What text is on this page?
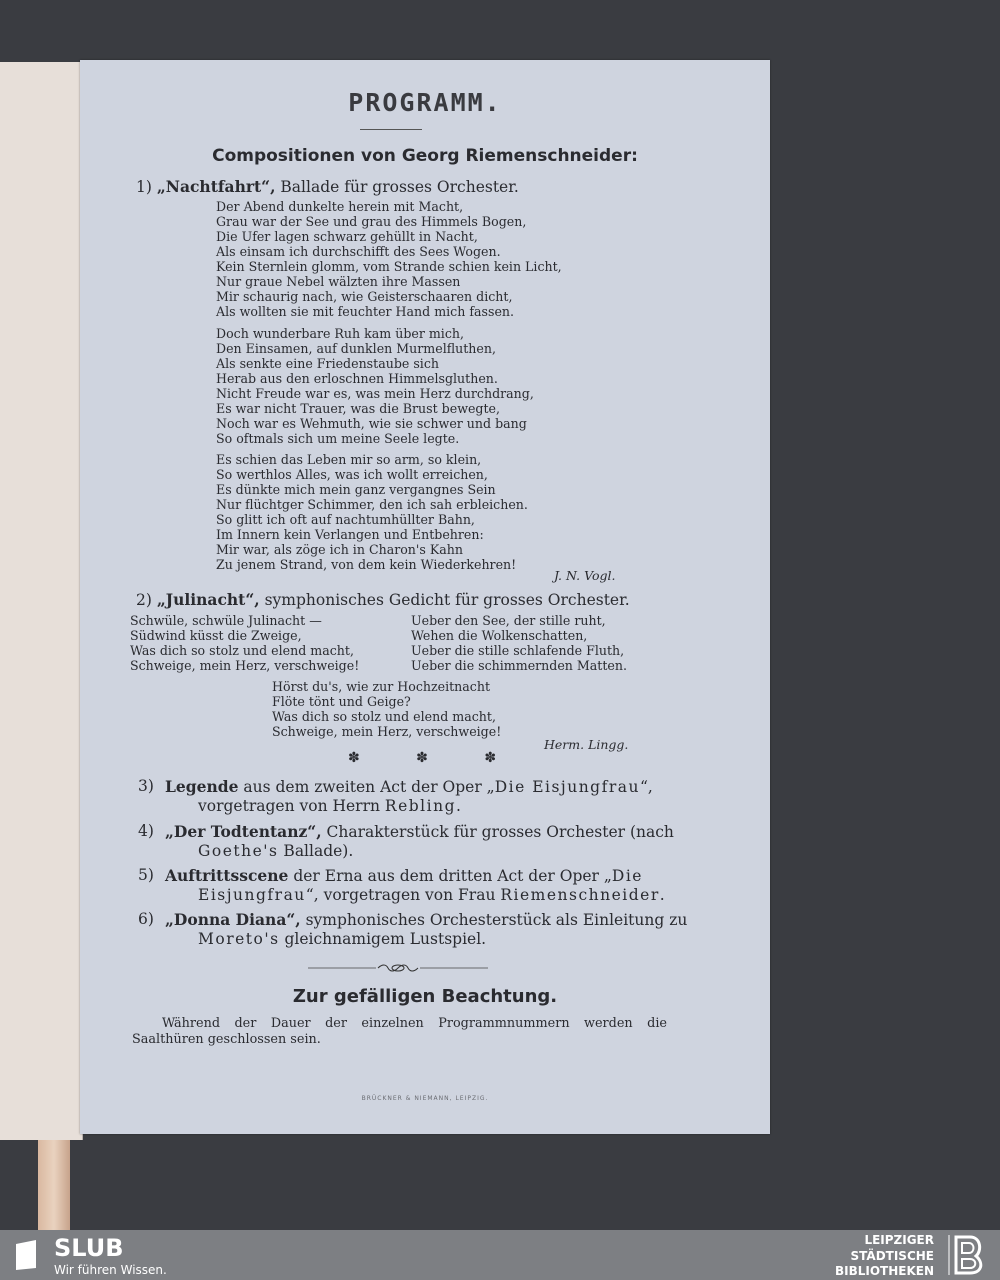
PROGRAMM.
Compositionen von Georg Riemenschneider:
1) „Nachtfahrt“, Ballade für grosses Orchester.
Der Abend dunkelte herein mit Macht,
Grau war der See und grau des Himmels Bogen,
Die Ufer lagen schwarz gehüllt in Nacht,
Als einsam ich durchschifft des Sees Wogen.
Kein Sternlein glomm, vom Strande schien kein Licht,
Nur graue Nebel wälzten ihre Massen
Mir schaurig nach, wie Geisterschaaren dicht,
Als wollten sie mit feuchter Hand mich fassen.
Doch wunderbare Ruh kam über mich,
Den Einsamen, auf dunklen Murmelfluthen,
Als senkte eine Friedenstaube sich
Herab aus den erloschnen Himmelsgluthen.
Nicht Freude war es, was mein Herz durchdrang,
Es war nicht Trauer, was die Brust bewegte,
Noch war es Wehmuth, wie sie schwer und bang
So oftmals sich um meine Seele legte.
Es schien das Leben mir so arm, so klein,
So werthlos Alles, was ich wollt erreichen,
Es dünkte mich mein ganz vergangnes Sein
Nur flüchtger Schimmer, den ich sah erbleichen.
So glitt ich oft auf nachtumhüllter Bahn,
Im Innern kein Verlangen und Entbehren:
Mir war, als zöge ich in Charon's Kahn
Zu jenem Strand, von dem kein Wiederkehren!
J. N. Vogl.
2) „Julinacht“, symphonisches Gedicht für grosses Orchester.
Schwüle, schwüle Julinacht —
Südwind küsst die Zweige,
Was dich so stolz und elend macht,
Schweige, mein Herz, verschweige!
Ueber den See, der stille ruht,
Wehen die Wolkenschatten,
Ueber die stille schlafende Fluth,
Ueber die schimmernden Matten.
Hörst du's, wie zur Hochzeitnacht
Flöte tönt und Geige?
Was dich so stolz und elend macht,
Schweige, mein Herz, verschweige!
Herm. Lingg.
✽ ✽ ✽
3) Legende aus dem zweiten Act der Oper „Die Eisjungfrau“, vorgetragen von Herrn Rebling.
4) „Der Todtentanz“, Charakterstück für grosses Orchester (nach Goethe's Ballade).
5) Auftrittsscene der Erna aus dem dritten Act der Oper „Die Eisjungfrau“, vorgetragen von Frau Riemenschneider.
6) „Donna Diana“, symphonisches Orchesterstück als Einleitung zu Moreto's gleichnamigem Lustspiel.
Zur gefälligen Beachtung.
Während der Dauer der einzelnen Programmnummern werden die Saalthüren geschlossen sein.
BRÜCKNER & NIEMANN, LEIPZIG.
SLUB
Wir führen Wissen.
LEIPZIGER
STÄDTISCHE
BIBLIOTHEKEN
